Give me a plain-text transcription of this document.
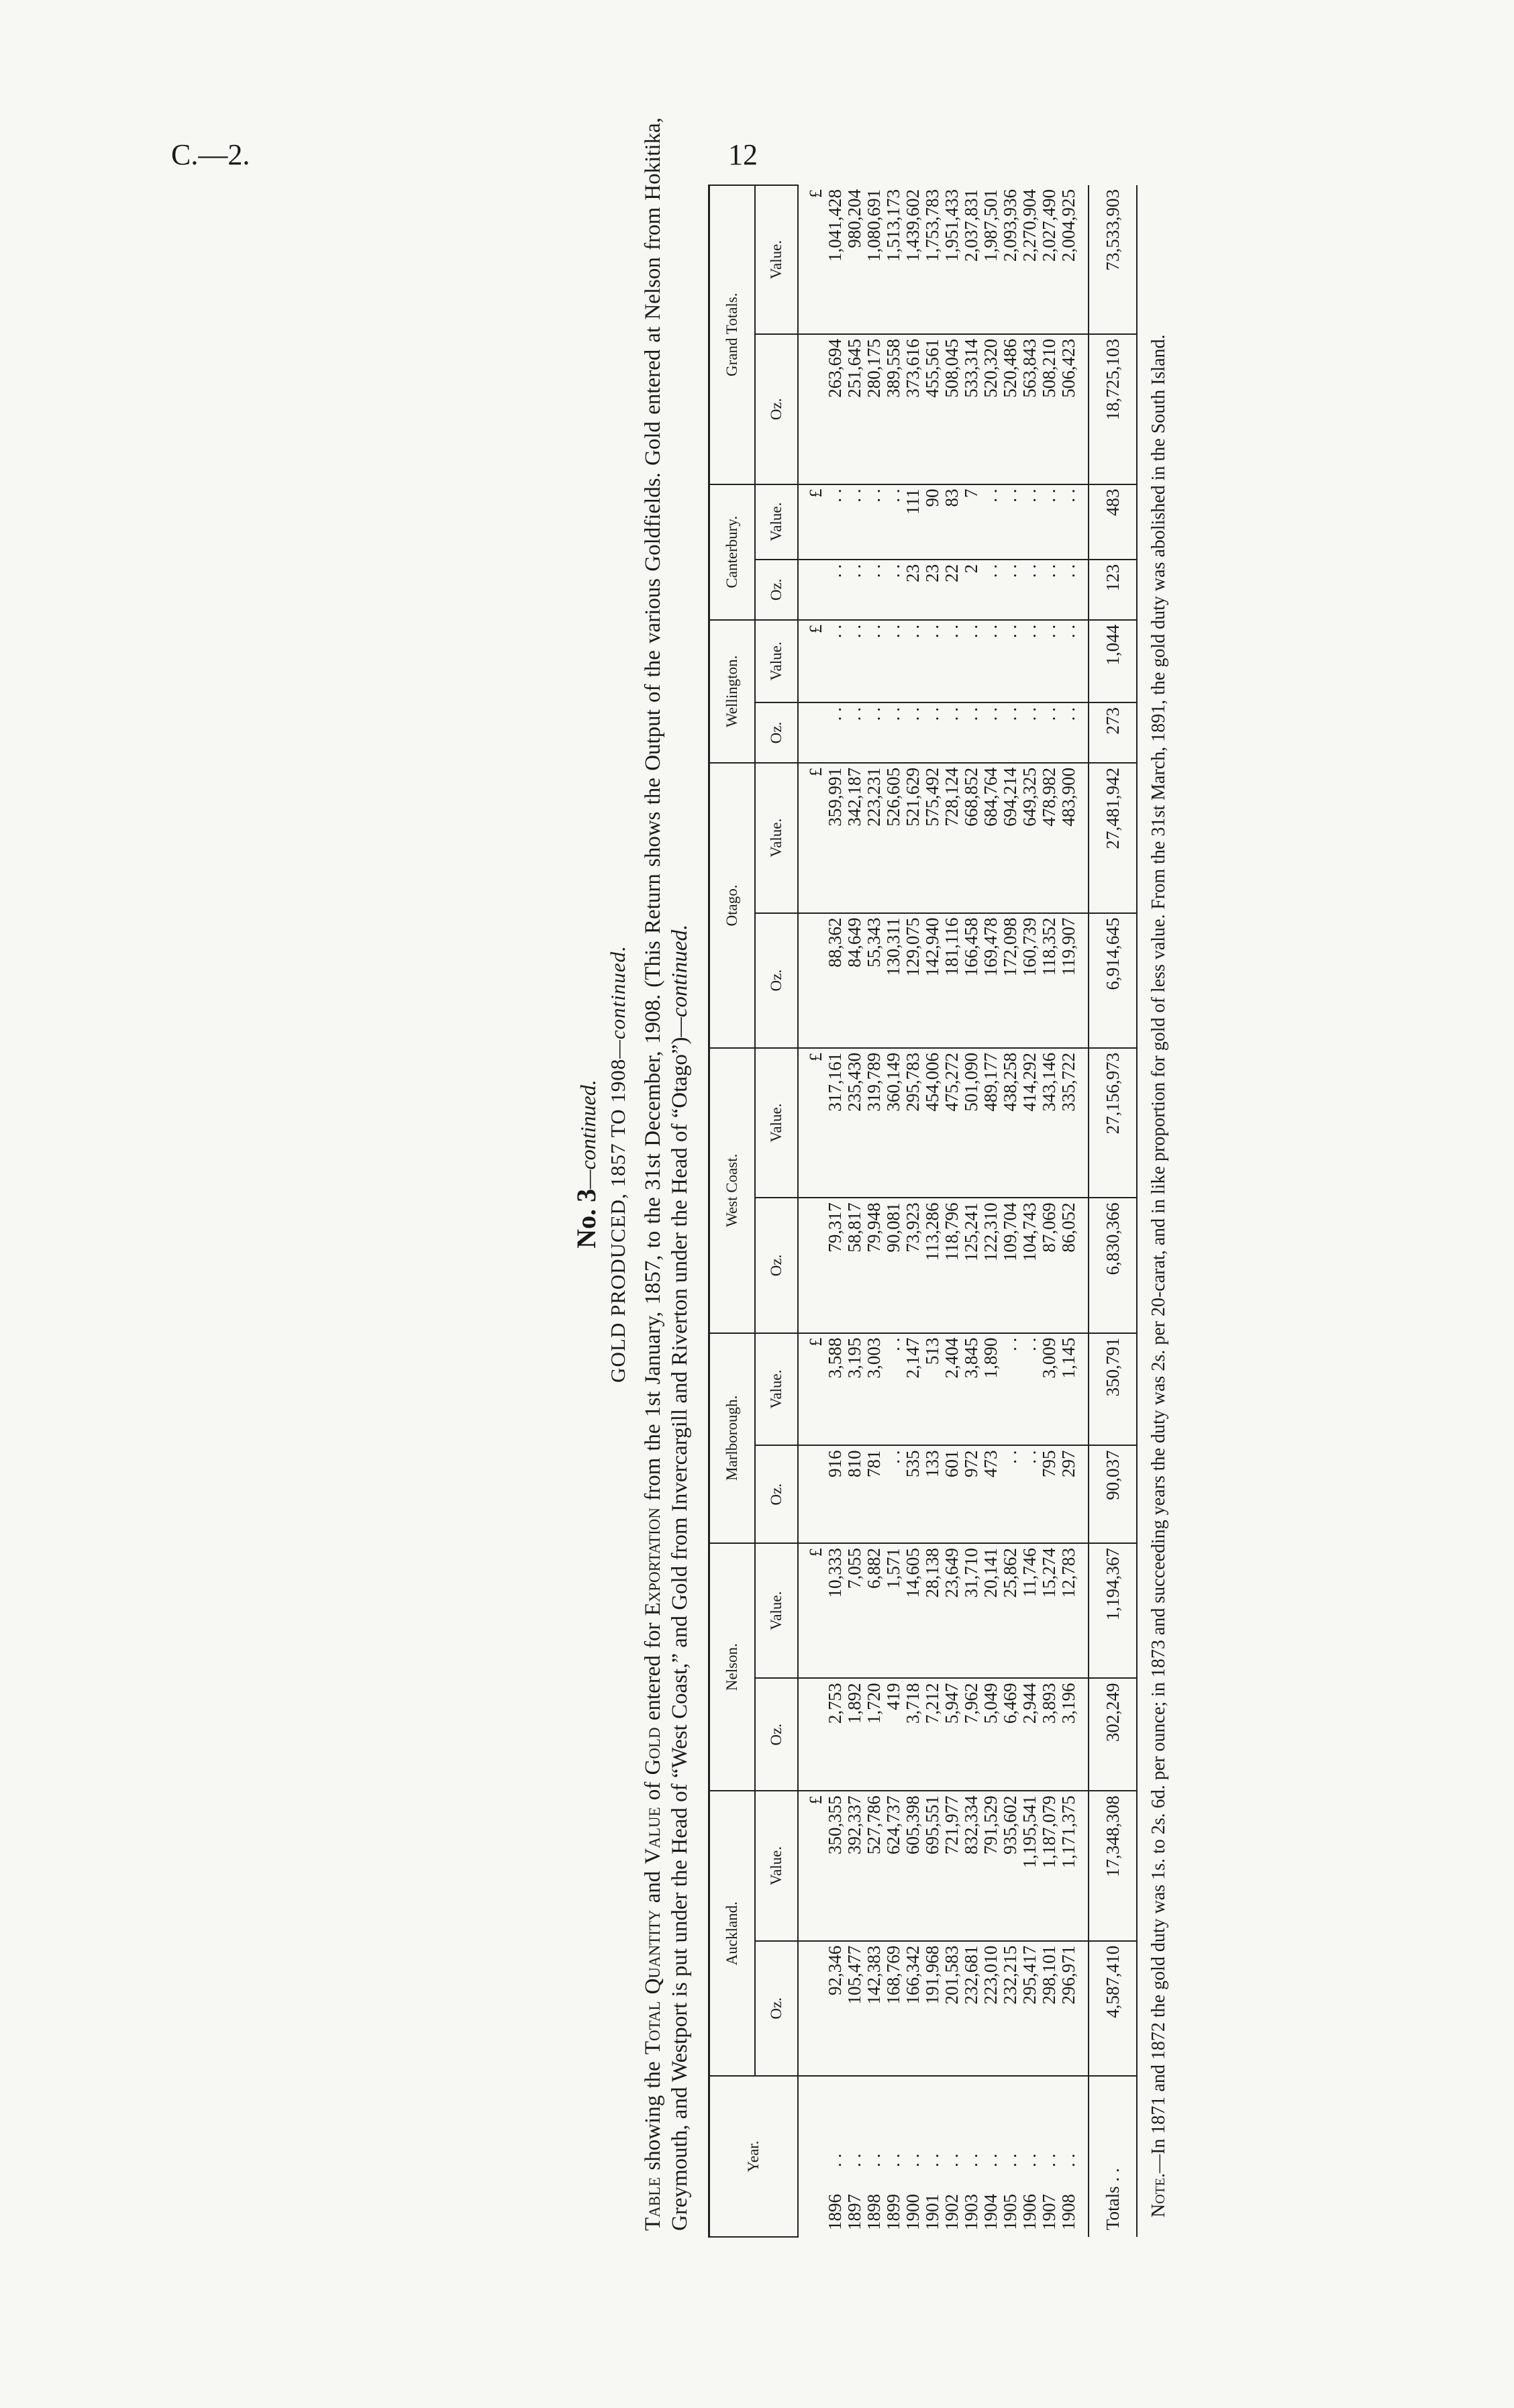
C.—2.	12
No. 3—continued. GOLD PRODUCED, 1857 TO 1908—continued.
Table showing the Total Quantity and Value of Gold entered for Exportation from the 1st January, 1857, to the 31st December, 1908. (This Return shows the Output of the various Goldfields. Gold entered at Nelson from Hokitika, Greymouth, and Westport is put under the Head of “West Coast,” and Gold from Invercargill and Riverton under the Head of “Otago”)—continued.
Year.	Auckland.		Nelson.		Marlborough.		West Coast.		Otago.		Wellington.		Canterbury.		Grand Totals.	
	Oz.	Value.	Oz.	Value.	Oz.	Value.	Oz.	Value.	Oz.	Value.	Oz.	Value.	Oz.	Value.	Oz.	Value.
		£		£		£		£		£		£		£		£
1896. .	92,346	350,355	2,753	10,333	916	3,588	79,317	317,161	88,362	359,991	. .	. .	. .	. .	263,694	1,041,428
1897. .	105,477	392,337	1,892	7,055	810	3,195	58,817	235,430	84,649	342,187	. .	. .	. .	. .	251,645	980,204
1898. .	142,383	527,786	1,720	6,882	781	3,003	79,948	319,789	55,343	223,231	. .	. .	. .	. .	280,175	1,080,691
1899. .	168,769	624,737	419	1,571	. .	. .	90,081	360,149	130,311	526,605	. .	. .	. .	. .	389,558	1,513,173
1900. .	166,342	605,398	3,718	14,605	535	2,147	73,923	295,783	129,075	521,629	. .	. .	23	111	373,616	1,439,602
1901. .	191,968	695,551	7,212	28,138	133	513	113,286	454,006	142,940	575,492	. .	. .	23	90	455,561	1,753,783
1902. .	201,583	721,977	5,947	23,649	601	2,404	118,796	475,272	181,116	728,124	. .	. .	22	83	508,045	1,951,433
1903. .	232,681	832,334	7,962	31,710	972	3,845	125,241	501,090	166,458	668,852	. .	. .	2	7	533,314	2,037,831
1904. .	223,010	791,529	5,049	20,141	473	1,890	122,310	489,177	169,478	684,764	. .	. .	. .	. .	520,320	1,987,501
1905. .	232,215	935,602	6,469	25,862	. .	. .	109,704	438,258	172,098	694,214	. .	. .	. .	. .	520,486	2,093,936
1906. .	295,417	1,195,541	2,944	11,746	. .	. .	104,743	414,292	160,739	649,325	. .	. .	. .	. .	563,843	2,270,904
1907. .	298,101	1,187,079	3,893	15,274	795	3,009	87,069	343,146	118,352	478,982	. .	. .	. .	. .	508,210	2,027,490
1908. .	296,971	1,171,375	3,196	12,783	297	1,145	86,052	335,722	119,907	483,900	. .	. .	. .	. .	506,423	2,004,925
Totals . .	4,587,410	17,348,308	302,249	1,194,367	90,037	350,791	6,830,366	27,156,973	6,914,645	27,481,942	273	1,044	123	483	18,725,103	73,533,903
Note.—In 1871 and 1872 the gold duty was 1s. to 2s. 6d. per ounce; in 1873 and succeeding years the duty was 2s. per 20-carat, and in like proportion for gold of less value. From the 31st March, 1891, the gold duty was abolished in the South Island.
